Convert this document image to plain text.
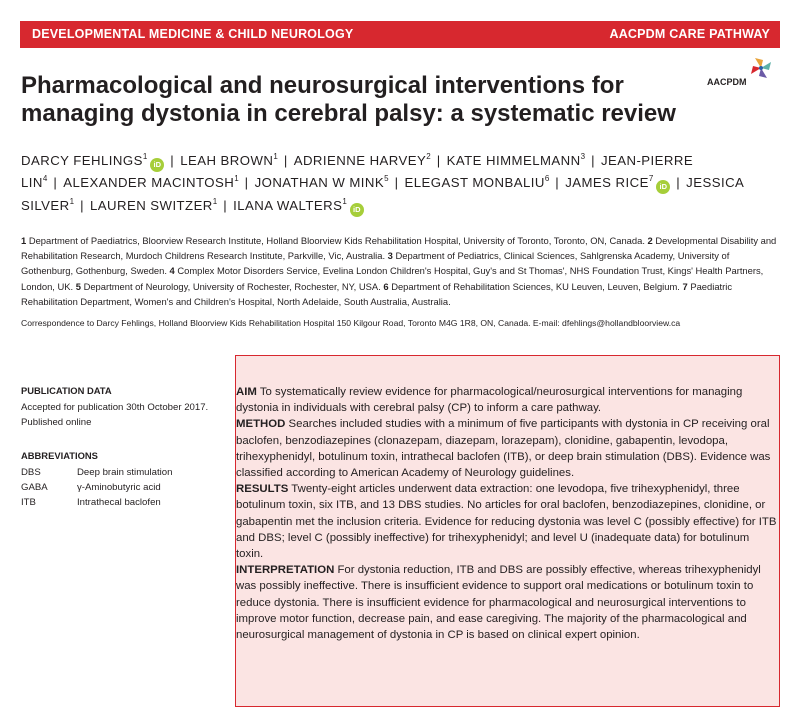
DEVELOPMENTAL MEDICINE & CHILD NEUROLOGY	AACPDM CARE PATHWAY
Pharmacological and neurosurgical interventions for managing dystonia in cerebral palsy: a systematic review
AACPDM
DARCY FEHLINGS$^1$iD | LEAH BROWN$^1$ | ADRIENNE HARVEY$^2$ | KATE HIMMELMANN$^3$ | JEAN-PIERRE LIN$^4$ | ALEXANDER MACINTOSH$^1$ | JONATHAN W MINK$^5$ | ELEGAST MONBALIU$^6$ | JAMES RICE$^7$iD | JESSICA SILVER$^1$ | LAUREN SWITZER$^1$ | ILANA WALTERS$^1$iD
1 Department of Paediatrics, Bloorview Research Institute, Holland Bloorview Kids Rehabilitation Hospital, University of Toronto, Toronto, ON, Canada. 2 Developmental Disability and Rehabilitation Research, Murdoch Childrens Research Institute, Parkville, Vic, Australia. 3 Department of Pediatrics, Clinical Sciences, Sahlgrenska Academy, University of Gothenburg, Gothenburg, Sweden. 4 Complex Motor Disorders Service, Evelina London Children's Hospital, Guy's and St Thomas', NHS Foundation Trust, Kings' Health Partners, London, UK. 5 Department of Neurology, University of Rochester, Rochester, NY, USA. 6 Department of Rehabilitation Sciences, KU Leuven, Leuven, Belgium. 7 Paediatric Rehabilitation Department, Women's and Children's Hospital, North Adelaide, South Australia, Australia.
Correspondence to Darcy Fehlings, Holland Bloorview Kids Rehabilitation Hospital 150 Kilgour Road, Toronto M4G 1R8, ON, Canada. E-mail: dfehlings@hollandbloorview.ca

PUBLICATION DATA

Accepted for publication 30th October 2017.
Published online

ABBREVIATIONS

DBS	Deep brain stimulation
GABA	γ-Aminobutyric acid
ITB	Intrathecal baclofen

AIM To systematically review evidence for pharmacological/neurosurgical interventions for managing dystonia in individuals with cerebral palsy (CP) to inform a care pathway.

METHOD Searches included studies with a minimum of five participants with dystonia in CP receiving oral baclofen, benzodiazepines (clonazepam, diazepam, lorazepam), clonidine, gabapentin, levodopa, trihexyphenidyl, botulinum toxin, intrathecal baclofen (ITB), or deep brain stimulation (DBS). Evidence was classified according to American Academy of Neurology guidelines.

RESULTS Twenty-eight articles underwent data extraction: one levodopa, five trihexyphenidyl, three botulinum toxin, six ITB, and 13 DBS studies. No articles for oral baclofen, benzodiazepines, clonidine, or gabapentin met the inclusion criteria. Evidence for reducing dystonia was level C (possibly effective) for ITB and DBS; level C (possibly ineffective) for trihexyphenidyl; and level U (inadequate data) for botulinum toxin.

INTERPRETATION For dystonia reduction, ITB and DBS are possibly effective, whereas trihexyphenidyl was possibly ineffective. There is insufficient evidence to support oral medications or botulinum toxin to reduce dystonia. There is insufficient evidence for pharmacological and neurosurgical interventions to improve motor function, decrease pain, and ease caregiving. The majority of the pharmacological and neurosurgical management of dystonia in CP is based on clinical expert opinion.
